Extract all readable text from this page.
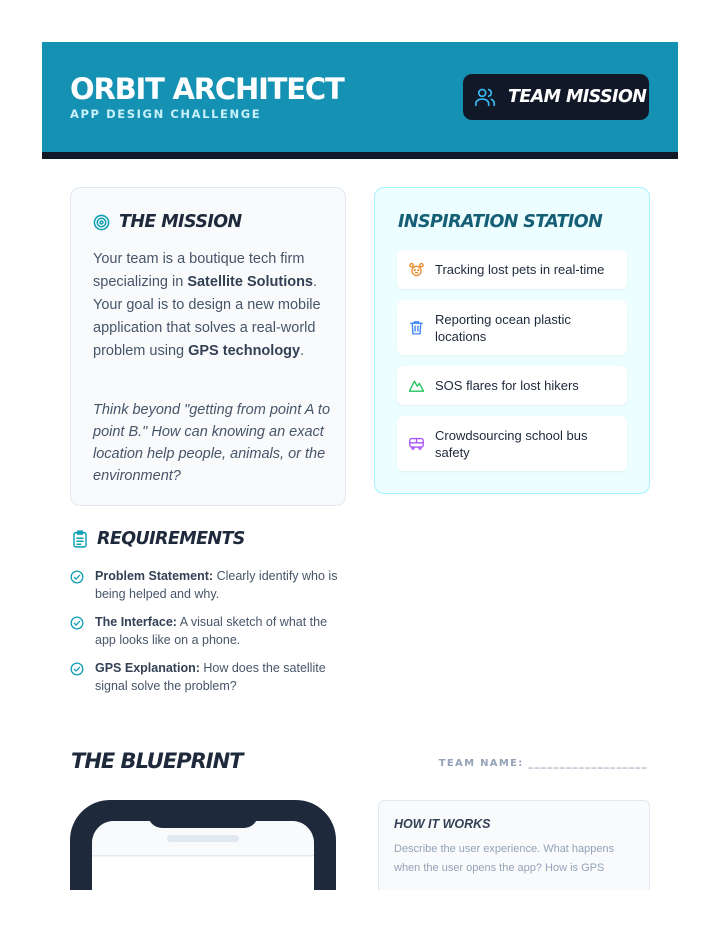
ORBIT ARCHITECT
APP DESIGN CHALLENGE
TEAM MISSION
THE MISSION
Your team is a boutique tech firm specializing in Satellite Solutions. Your goal is to design a new mobile application that solves a real-world problem using GPS technology.
Think beyond "getting from point A to point B." How can knowing an exact location help people, animals, or the environment?
INSPIRATION STATION
Tracking lost pets in real-time
Reporting ocean plastic locations
SOS flares for lost hikers
Crowdsourcing school bus safety
REQUIREMENTS
Problem Statement: Clearly identify who is being helped and why.
The Interface: A visual sketch of what the app looks like on a phone.
GPS Explanation: How does the satellite signal solve the problem?
THE BLUEPRINT	TEAM NAME: ___________________
HOW IT WORKS
Describe the user experience. What happens when the user opens the app? How is GPS
